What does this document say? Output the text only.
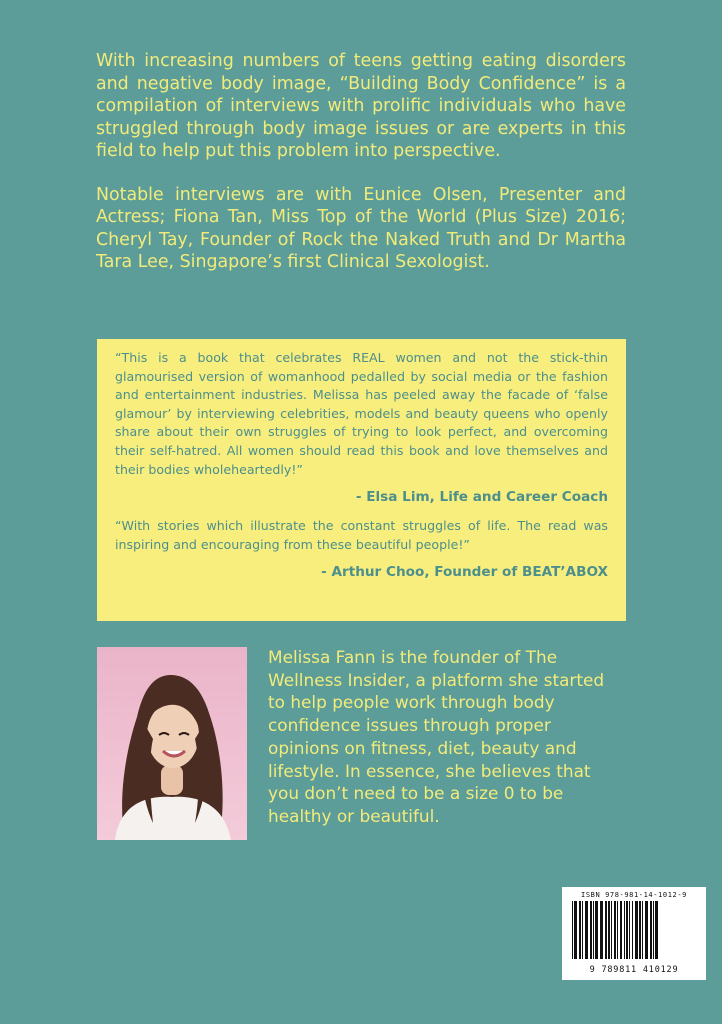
With increasing numbers of teens getting eating disorders and negative body image, “Building Body Confidence” is a compilation of interviews with prolific individuals who have struggled through body image issues or are experts in this field to help put this problem into perspective.

Notable interviews are with Eunice Olsen, Presenter and Actress; Fiona Tan, Miss Top of the World (Plus Size) 2016; Cheryl Tay, Founder of Rock the Naked Truth and Dr Martha Tara Lee, Singapore’s first Clinical Sexologist.

“This is a book that celebrates REAL women and not the stick-thin glamourised version of womanhood pedalled by social media or the fashion and entertainment industries. Melissa has peeled away the facade of ‘false glamour’ by interviewing celebrities, models and beauty queens who openly share about their own struggles of trying to look perfect, and overcoming their self-hatred. All women should read this book and love themselves and their bodies wholeheartedly!”

- Elsa Lim, Life and Career Coach

“With stories which illustrate the constant struggles of life. The read was inspiring and encouraging from these beautiful people!”

- Arthur Choo, Founder of BEAT’ABOX

Melissa Fann is the founder of The Wellness Insider, a platform she started to help people work through body confidence issues through proper opinions on fitness, diet, beauty and lifestyle. In essence, she believes that you don’t need to be a size 0 to be healthy or beautiful.

ISBN 978-981-14-1012-9

9 789811 410129
